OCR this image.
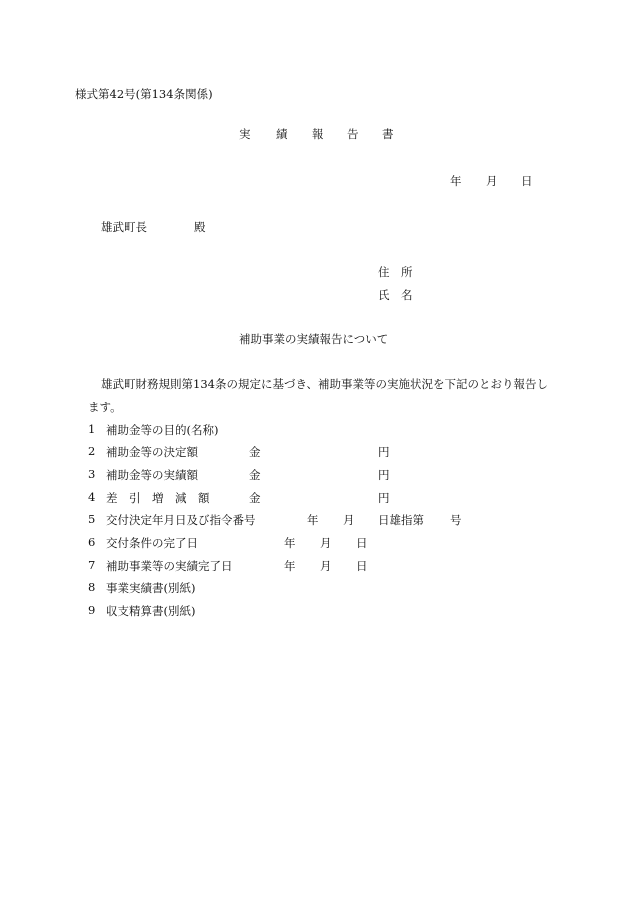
様式第42号(第134条関係)
実 績 報 告 書
年 月 日
雄武町長	殿
住　所
氏　名
補助事業の実績報告について
雄武町財務規則第134条の規定に基づき、補助事業等の実施状況を下記のとおり報告し
ます。
1 補助金等の目的(名称)
2 補助金等の決定額	金	円
3 補助金等の実績額	金	円
4 差　引　増　減　額	金	円
5 交付決定年月日及び指令番号	年 月 日雄指第 号
6 交付条件の完了日	年 月 日
7 補助事業等の実績完了日	年 月 日
8 事業実績書(別紙)
9 収支精算書(別紙)
